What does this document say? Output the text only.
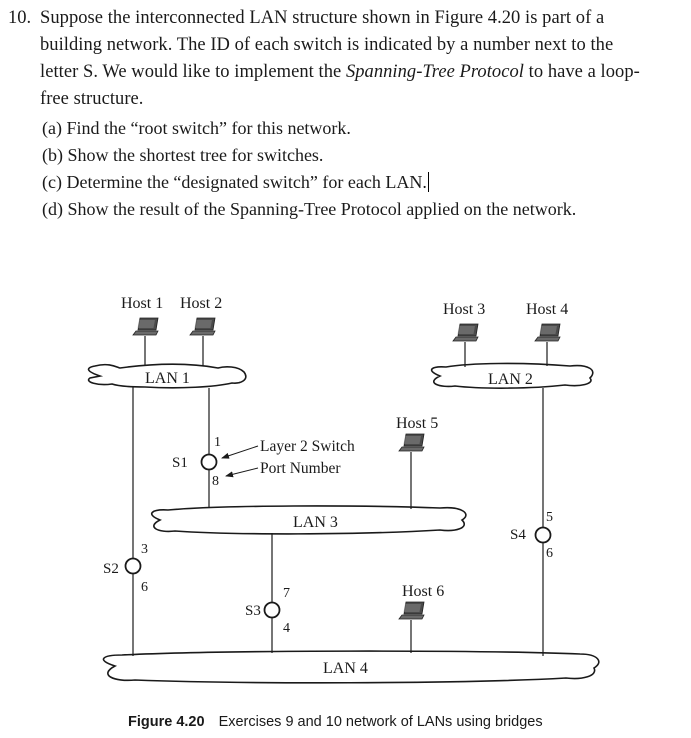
10. Suppose the interconnected LAN structure shown in Figure 4.20 is part of a
building network. The ID of each switch is indicated by a number next to the
letter S. We would like to implement the Spanning-Tree Protocol to have a loop-
free structure.
(a) Find the “root switch” for this network.
(b) Show the shortest tree for switches.
(c) Determine the “designated switch” for each LAN.
(d) Show the result of the Spanning-Tree Protocol applied on the network.
Host 1 Host 2	Host 3	Host 4
Host 5
Host 6
LAN 1	LAN 2
LAN 3
LAN 4
S1
S2
S3
S4
1
8
3
6	7
4
5
6
Layer 2 Switch
Port Number
Figure 4.20 Exercises 9 and 10 network of LANs using bridges
